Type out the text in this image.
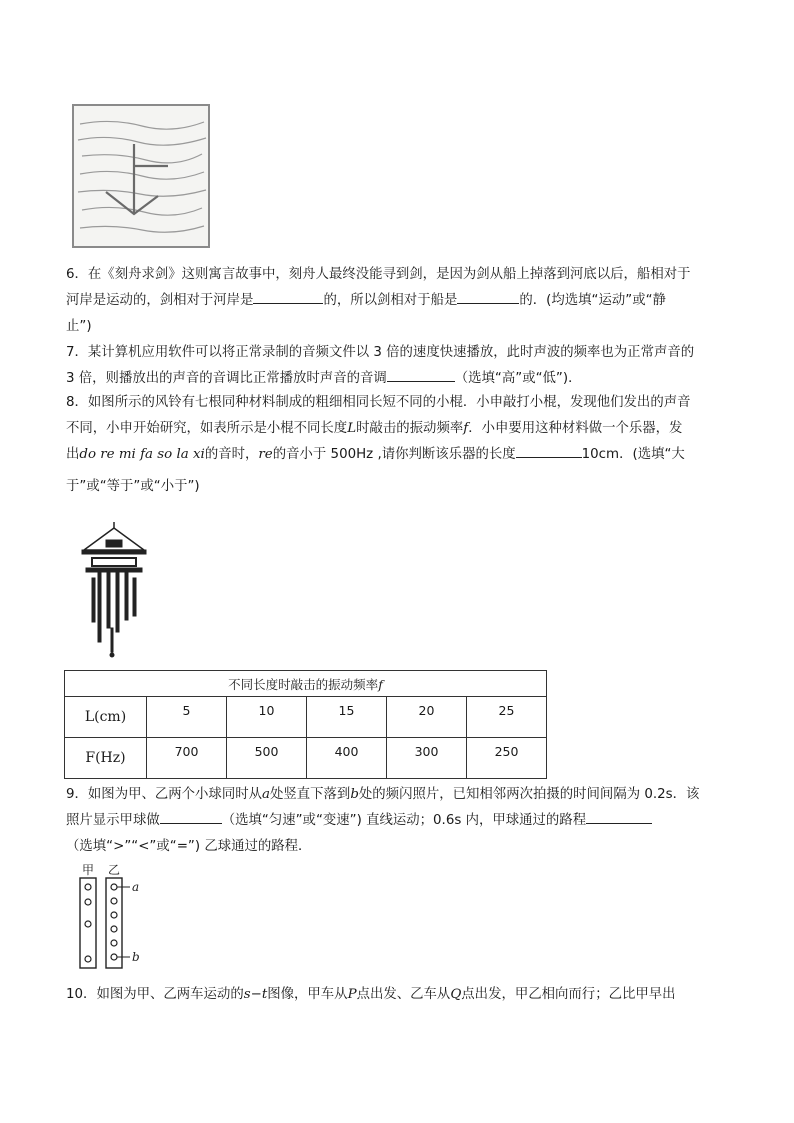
6．在《刻舟求剑》这则寓言故事中，刻舟人最终没能寻到剑，是因为剑从船上掉落到河底以后，船相对于
河岸是运动的，剑相对于河岸是	的，所以剑相对于船是	的．(均选填“运动”或“静
止”)
7．某计算机应用软件可以将正常录制的音频文件以 3 倍的速度快速播放，此时声波的频率也为正常声音的
3 倍，则播放出的声音的音调比正常播放时声音的音调	（选填“高”或“低”)．
8．如图所示的风铃有七根同种材料制成的粗细相同长短不同的小棍．小申敲打小棍，发现他们发出的声音
不同，小申开始研究，如表所示是小棍不同长度L时敲击的振动频率f．小申要用这种材料做一个乐器，发
出do re mi fa so la xi的音时，re的音小于 500Hz ,请你判断该乐器的长度	10cm．(选填“大
于”或“等于”或“小于”)
不同长度时敲击的振动频率f					
L(cm)	5	10	15	20	25
F(Hz)	700	500	400	300	250
9．如图为甲、乙两个小球同时从a处竖直下落到b处的频闪照片，已知相邻两次拍摄的时间间隔为 0.2s．该
照片显示甲球做	（选填“匀速”或“变速”) 直线运动；0.6s 内，甲球通过的路程
（选填“>”“<”或“=”) 乙球通过的路程．
甲 乙
a
b
10．如图为甲、乙两车运动的s−t图像，甲车从P点出发、乙车从Q点出发，甲乙相向而行；乙比甲早出
